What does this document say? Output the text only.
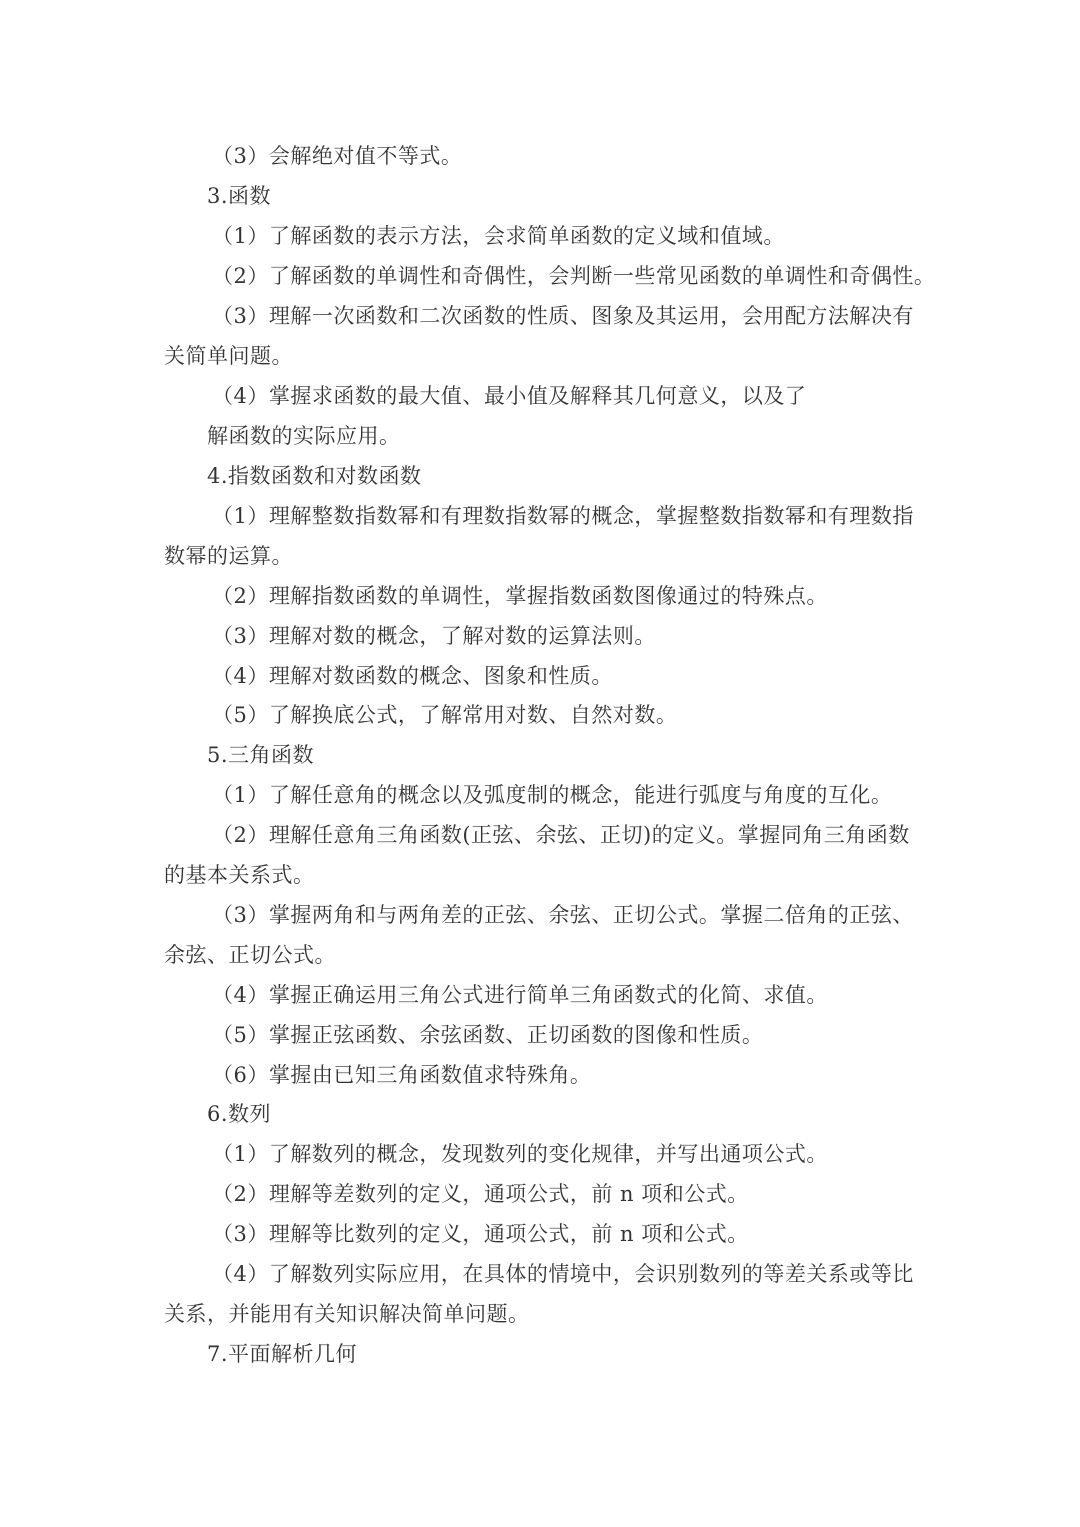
（3）会解绝对值不等式。
3.函数
（1）了解函数的表示方法，会求简单函数的定义域和值域。
（2）了解函数的单调性和奇偶性，会判断一些常见函数的单调性和奇偶性。
（3）理解一次函数和二次函数的性质、图象及其运用，会用配方法解决有
关简单问题。
（4）掌握求函数的最大值、最小值及解释其几何意义，以及了
解函数的实际应用。
4.指数函数和对数函数
（1）理解整数指数幂和有理数指数幂的概念，掌握整数指数幂和有理数指
数幂的运算。
（2）理解指数函数的单调性，掌握指数函数图像通过的特殊点。
（3）理解对数的概念，了解对数的运算法则。
（4）理解对数函数的概念、图象和性质。
（5）了解换底公式，了解常用对数、自然对数。
5.三角函数
（1）了解任意角的概念以及弧度制的概念，能进行弧度与角度的互化。
（2）理解任意角三角函数(正弦、余弦、正切)的定义。掌握同角三角函数
的基本关系式。
（3）掌握两角和与两角差的正弦、余弦、正切公式。掌握二倍角的正弦、
余弦、正切公式。
（4）掌握正确运用三角公式进行简单三角函数式的化简、求值。
（5）掌握正弦函数、余弦函数、正切函数的图像和性质。
（6）掌握由已知三角函数值求特殊角。
6.数列
（1）了解数列的概念，发现数列的变化规律，并写出通项公式。
（2）理解等差数列的定义，通项公式，前 n 项和公式。
（3）理解等比数列的定义，通项公式，前 n 项和公式。
（4）了解数列实际应用，在具体的情境中，会识别数列的等差关系或等比
关系，并能用有关知识解决简单问题。
7.平面解析几何
